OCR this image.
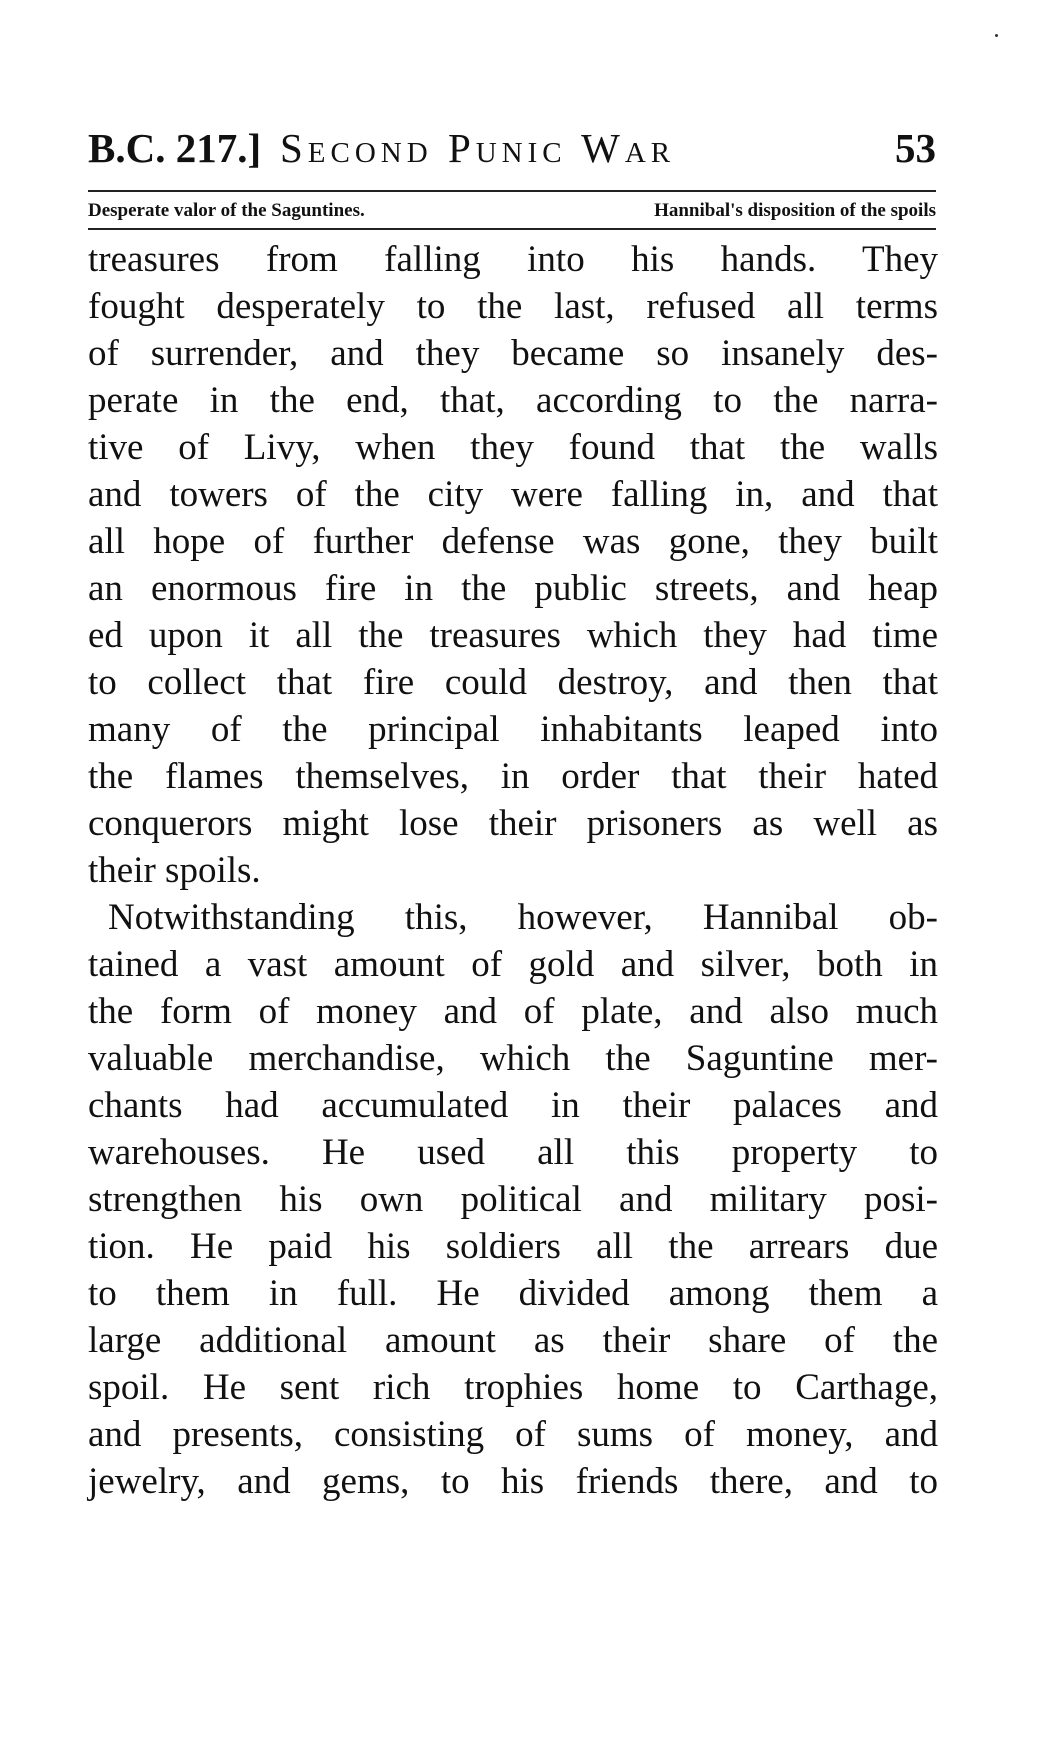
B.C. 217.] Second Punic War	53
Desperate valor of the Saguntines.	Hannibal's disposition of the spoils
treasures from falling into his hands. They
fought desperately to the last, refused all terms
of surrender, and they became so insanely des-
perate in the end, that, according to the narra-
tive of Livy, when they found that the walls
and towers of the city were falling in, and that
all hope of further defense was gone, they built
an enormous fire in the public streets, and heap
ed upon it all the treasures which they had time
to collect that fire could destroy, and then that
many of the principal inhabitants leaped into
the flames themselves, in order that their hated
conquerors might lose their prisoners as well as
their spoils.
Notwithstanding this, however, Hannibal ob-
tained a vast amount of gold and silver, both in
the form of money and of plate, and also much
valuable merchandise, which the Saguntine mer-
chants had accumulated in their palaces and
warehouses. He used all this property to
strengthen his own political and military posi-
tion. He paid his soldiers all the arrears due
to them in full. He divided among them a
large additional amount as their share of the
spoil. He sent rich trophies home to Carthage,
and presents, consisting of sums of money, and
jewelry, and gems, to his friends there, and to
